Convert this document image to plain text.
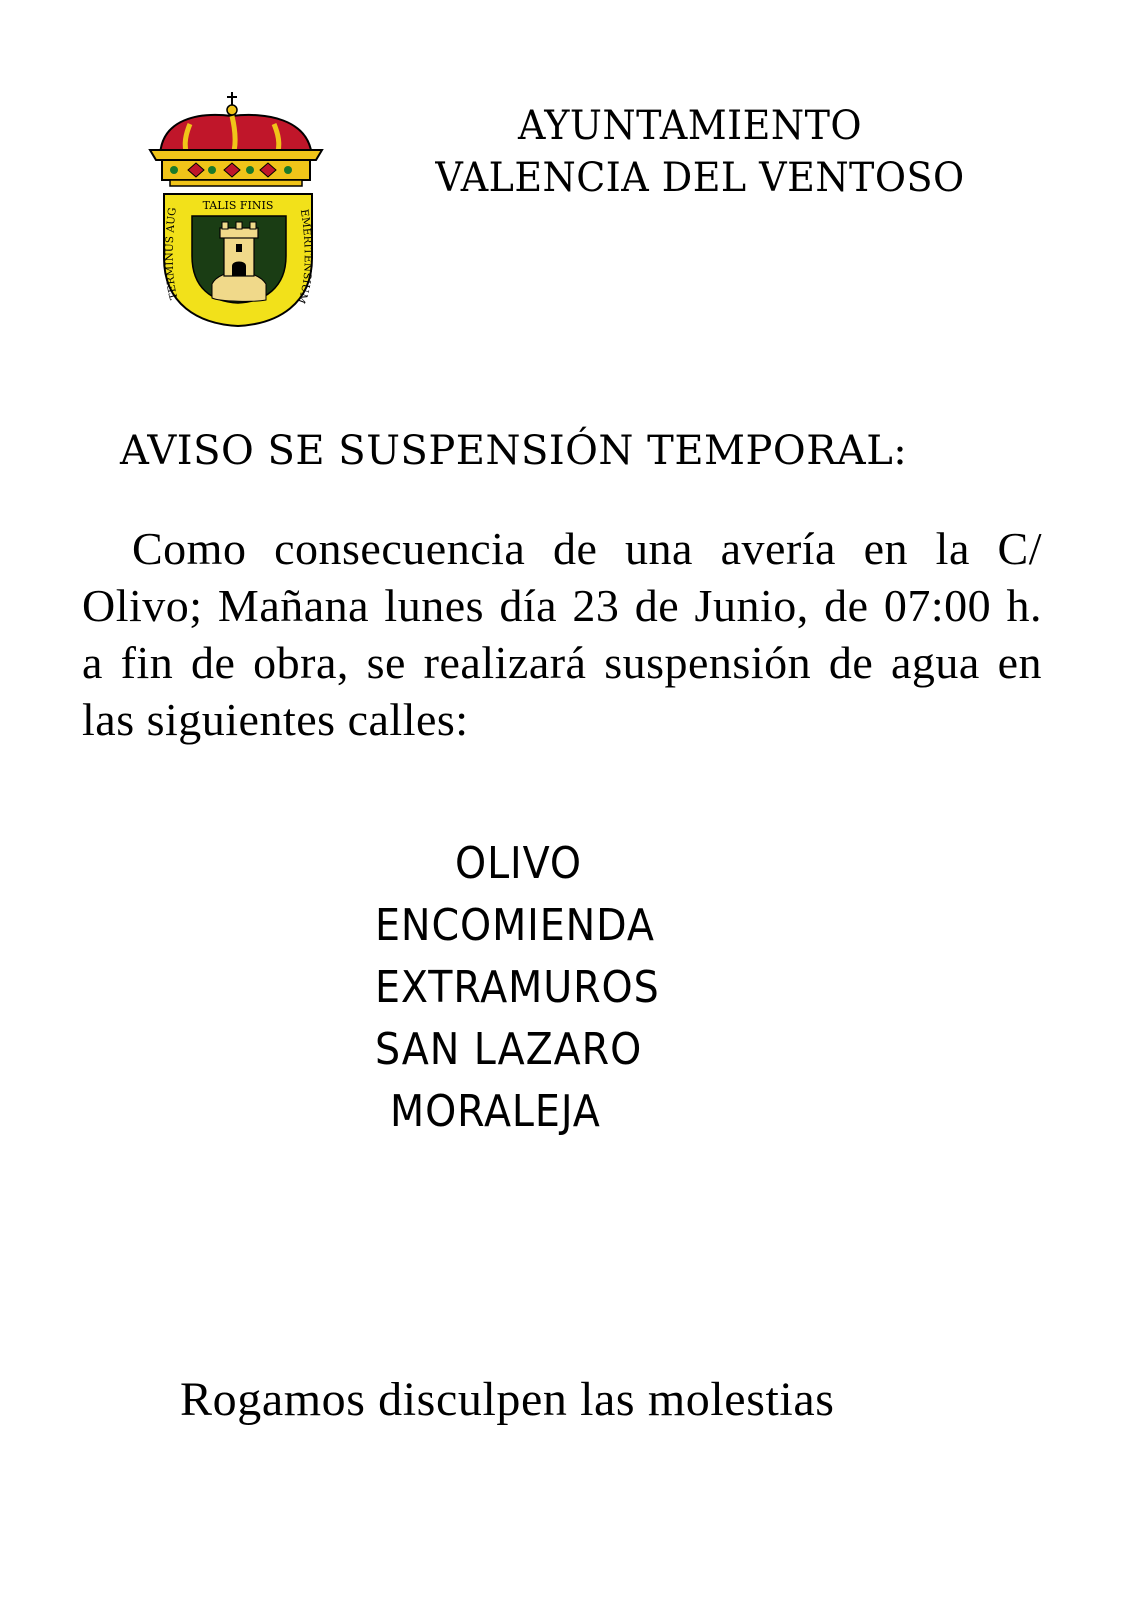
TALIS FINIS
TERMINUS AUG	EMERITENSIUM
AYUNTAMIENTO
VALENCIA DEL VENTOSO
AVISO SE SUSPENSIÓN TEMPORAL:
Como consecuencia de una avería en la C/ Olivo; Mañana lunes día 23 de Junio, de 07:00 h. a fin de obra, se realizará suspensión de agua en las siguientes calles:
OLIVO
ENCOMIENDA
EXTRAMUROS
SAN LAZARO
MORALEJA
Rogamos disculpen las molestias
